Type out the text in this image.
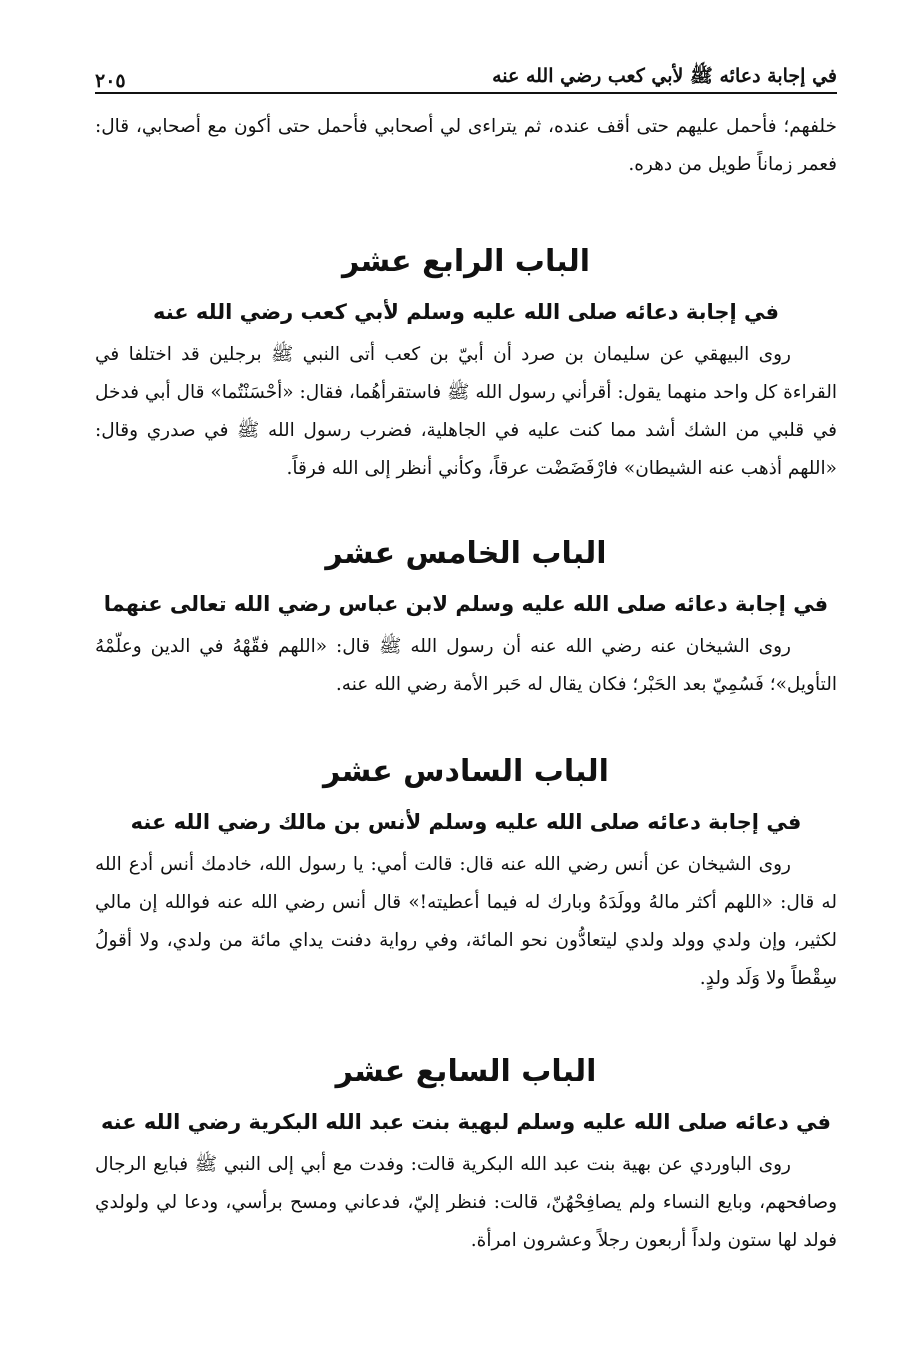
في إجابة دعائه ﷺ لأبي كعب رضي الله عنه
٢٠٥

خلفهم؛ فأحمل عليهم حتى أقف عنده، ثم يتراءى لي أصحابي فأحمل حتى أكون مع أصحابي، قال: فعمر زماناً طويل من دهره.

الباب الرابع عشر
في إجابة دعائه صلى الله عليه وسلم لأبي كعب رضي الله عنه

روى البيهقي عن سليمان بن صرد أن أبيّ بن كعب أتى النبي ﷺ برجلين قد اختلفا في القراءة كل واحد منهما يقول: أقرأني رسول الله ﷺ فاستقرأهُما، فقال: «أحْسَنْتُما» قال أبي فدخل في قلبي من الشك أشد مما كنت عليه في الجاهلية، فضرب رسول الله ﷺ في صدري وقال: «اللهم أذهب عنه الشيطان» فارْفَضَضْت عرقاً، وكأني أنظر إلى الله فرقاً.

الباب الخامس عشر
في إجابة دعائه صلى الله عليه وسلم لابن عباس رضي الله تعالى عنهما

روى الشيخان عنه رضي الله عنه أن رسول الله ﷺ قال: «اللهم فقّهْهُ في الدين وعلّمْهُ التأويل»؛ فَسُمِيّ بعد الحَبْر؛ فكان يقال له حَبر الأمة رضي الله عنه.

الباب السادس عشر
في إجابة دعائه صلى الله عليه وسلم لأنس بن مالك رضي الله عنه

روى الشيخان عن أنس رضي الله عنه قال: قالت أمي: يا رسول الله، خادمك أنس أدع الله له قال: «اللهم أكثر مالهُ وولَدَهُ وبارك له فيما أعطيته!» قال أنس رضي الله عنه فوالله إن مالي لكثير، وإن ولدي وولد ولدي ليتعادُّون نحو المائة، وفي رواية دفنت يداي مائة من ولدي، ولا أقولُ سِقْطاً ولا وَلَد ولدٍ.

الباب السابع عشر
في دعائه صلى الله عليه وسلم لبهية بنت عبد الله البكرية رضي الله عنه

روى الباوردي عن بهية بنت عبد الله البكرية قالت: وفدت مع أبي إلى النبي ﷺ فبايع الرجال وصافحهم، وبايع النساء ولم يصافِحْهُنّ، قالت: فنظر إليّ، فدعاني ومسح برأسي، ودعا لي ولولدي فولد لها ستون ولداً أربعون رجلاً وعشرون امرأة.
